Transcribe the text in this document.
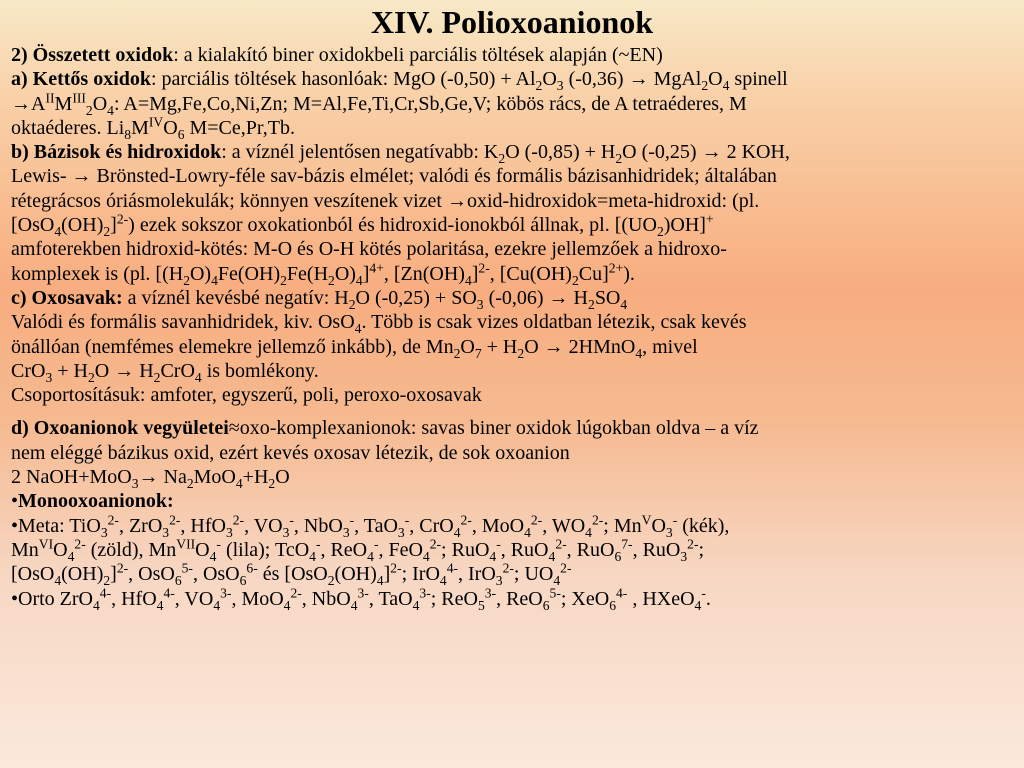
XIV. Polioxoanionok

2) Összetett oxidok: a kialakító biner oxidokbeli parciális töltések alapján (~EN)

a) Kettős oxidok: parciális töltések hasonlóak: MgO $(-0,50) + Al_2O_3$ $(-0,36) \to MgAl_2O_4$ spinell

$\to A^{II}M^{III}_2O_4$: A=Mg,Fe,Co,Ni,Zn; M=Al,Fe,Ti,Cr,Sb,Ge,V; köbös rács, de A tetraéderes, M

oktaéderes. $Li_8M^{IV}O_6$ M=Ce,Pr,Tb.

b) Bázisok és hidroxidok: a víznél jelentősen negatívabb: $K_2O$ $(-0,85) + H_2O$ (-0,25) → 2 KOH,

Lewis- → Brönsted-Lowry-féle sav-bázis elmélet; valódi és formális bázisanhidridek; általában

rétegrácsos óriásmolekulák; könnyen veszítenek vizet →oxid-hidroxidok=meta-hidroxid: (pl.

$[OsO_4(OH)_2]^{2-}$) ezek sokszor oxokationból és hidroxid-ionokból állnak, pl. $[(UO_2)OH]^+$

amfoterekben hidroxid-kötés: M-O és O-H kötés polaritása, ezekre jellemzőek a hidroxo-

komplexek is (pl. $[(H_2O)_4Fe(OH)_2Fe(H_2O)_4]^{4+}$, $[Zn(OH)_4]^{2-}$, $[Cu(OH)_2Cu]^{2+}$).

c) Oxosavak: a víznél kevésbé negatív: $H_2O$ $(-0,25) + SO_3$ $(-0,06) \to H_2SO_4$

Valódi és formális savanhidridek, kiv. OsO$_4$. Több is csak vizes oldatban létezik, csak kevés

önállóan (nemfémes elemekre jellemző inkább), de $Mn_2O_7 + H_2O$ → 2HMnO$_4$, mivel

$CrO_3 + H_2O \to H_2CrO_4$ is bomlékony.

Csoportosításuk: amfoter, egyszerű, poli, peroxo-oxosavak

d) Oxoanionok vegyületei≈oxo-komplexanionok: savas biner oxidok lúgokban oldva – a víz

nem eléggé bázikus oxid, ezért kevés oxosav létezik, de sok oxoanion

2 NaOH+MoO$_3$→ $Na_2MoO_4+H_2O$

•Monooxoanionok:

•Meta: TiO$_3^{2-}$, ZrO$_3^{2-}$, HfO$_3^{2-}$, $VO_3^-$, NbO$_3$-, TaO$_3$-, CrO$_4^{2-}$, MoO$_4^{2-}$, $WO_4^{2-}$; $Mn^VO_3^-$ (kék),

$Mn^{VI}O_4^{2-}$ (zöld), $Mn^{VII}O_4^-$ (lila); TcO$_4$-, ReO$_4$-, FeO$_4^{2-}$; RuO$_4$-, RuO$_4^{2-}$, RuO$_6^{7-}$, RuO$_3^{2-}$;

$[OsO_4(OH)_2]^{2-}$, OsO$_6^{5-}$, OsO$_6^{6-}$ és $[OsO_2(OH)_4]^{2-}$; IrO$_4^{4-}$, IrO$_3^{2-}$; $UO_4^{2-}$

•Orto ZrO$_4^{4-}$, HfO$_4^{4-}$, $VO_4^{3-}$, MoO$_4^{2-}$, NbO$_4^{3-}$, TaO$_4^{3-}$; ReO$_5^{3-}$, ReO$_6^{5-}$; XeO$_6^{4-}$ , HXeO$_4$-.
